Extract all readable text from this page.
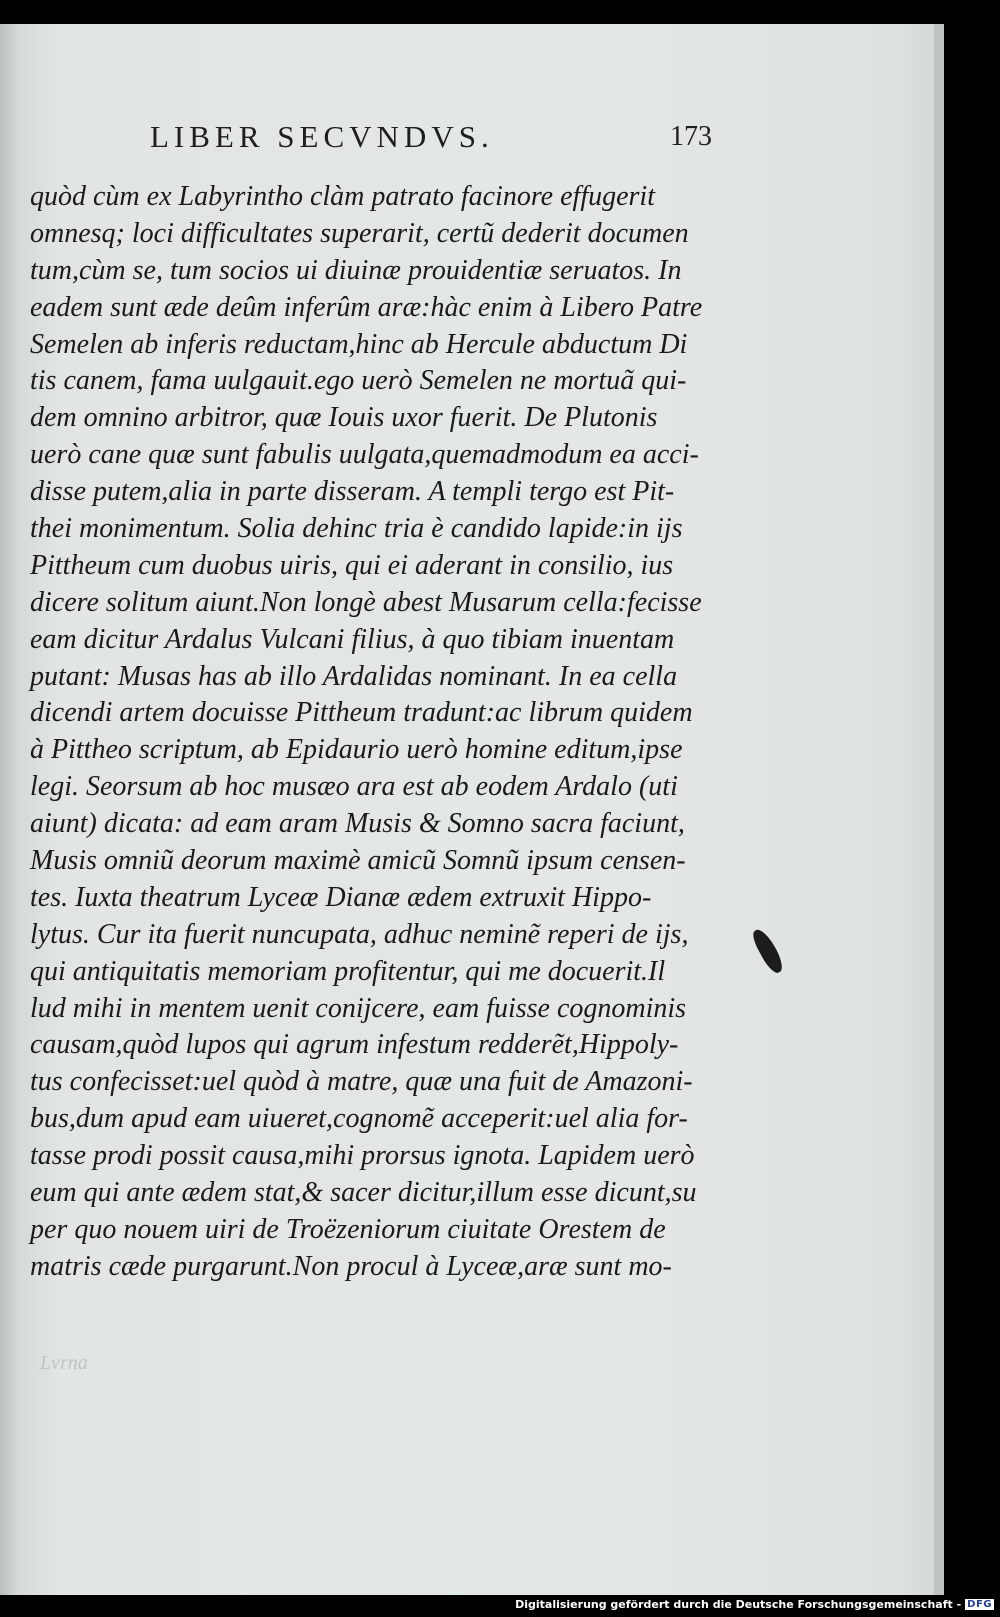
LIBER SECVNDVS.	173
quòd cùm ex Labyrintho clàm patrato facinore effugerit
omnesq; loci difficultates superarit, certũ dederit documen
tum,cùm se, tum socios ui diuinæ prouidentiæ seruatos. In
eadem sunt æde deûm inferûm aræ:hàc enim à Libero Patre
Semelen ab inferis reductam,hinc ab Hercule abductum Di
tis canem, fama uulgauit.ego uerò Semelen ne mortuã qui-
dem omnino arbitror, quæ Iouis uxor fuerit. De Plutonis
uerò cane quæ sunt fabulis uulgata,quemadmodum ea acci-
disse putem,alia in parte disseram. A templi tergo est Pit-
thei monimentum. Solia dehinc tria è candido lapide:in ijs
Pittheum cum duobus uiris, qui ei aderant in consilio, ius
dicere solitum aiunt.Non longè abest Musarum cella:fecisse
eam dicitur Ardalus Vulcani filius, à quo tibiam inuentam
putant: Musas has ab illo Ardalidas nominant. In ea cella
dicendi artem docuisse Pittheum tradunt:ac librum quidem
à Pittheo scriptum, ab Epidaurio uerò homine editum,ipse
legi. Seorsum ab hoc musæo ara est ab eodem Ardalo (uti
aiunt) dicata: ad eam aram Musis & Somno sacra faciunt,
Musis omniũ deorum maximè amicũ Somnũ ipsum censen-
tes. Iuxta theatrum Lyceæ Dianæ ædem extruxit Hippo-
lytus. Cur ita fuerit nuncupata, adhuc neminẽ reperi de ijs,
qui antiquitatis memoriam profitentur, qui me docuerit.Il
lud mihi in mentem uenit conijcere, eam fuisse cognominis
causam,quòd lupos qui agrum infestum redderẽt,Hippoly-
tus confecisset:uel quòd à matre, quæ una fuit de Amazoni-
bus,dum apud eam uiueret,cognomẽ acceperit:uel alia for-
tasse prodi possit causa,mihi prorsus ignota. Lapidem uerò
eum qui ante ædem stat,& sacer dicitur,illum esse dicunt,su
per quo nouem uiri de Troëzeniorum ciuitate Orestem de
matris cæde purgarunt.Non procul à Lyceæ,aræ sunt mo-
Lvrna
Digitalisierung gefördert durch die Deutsche Forschungsgemeinschaft - DFG
